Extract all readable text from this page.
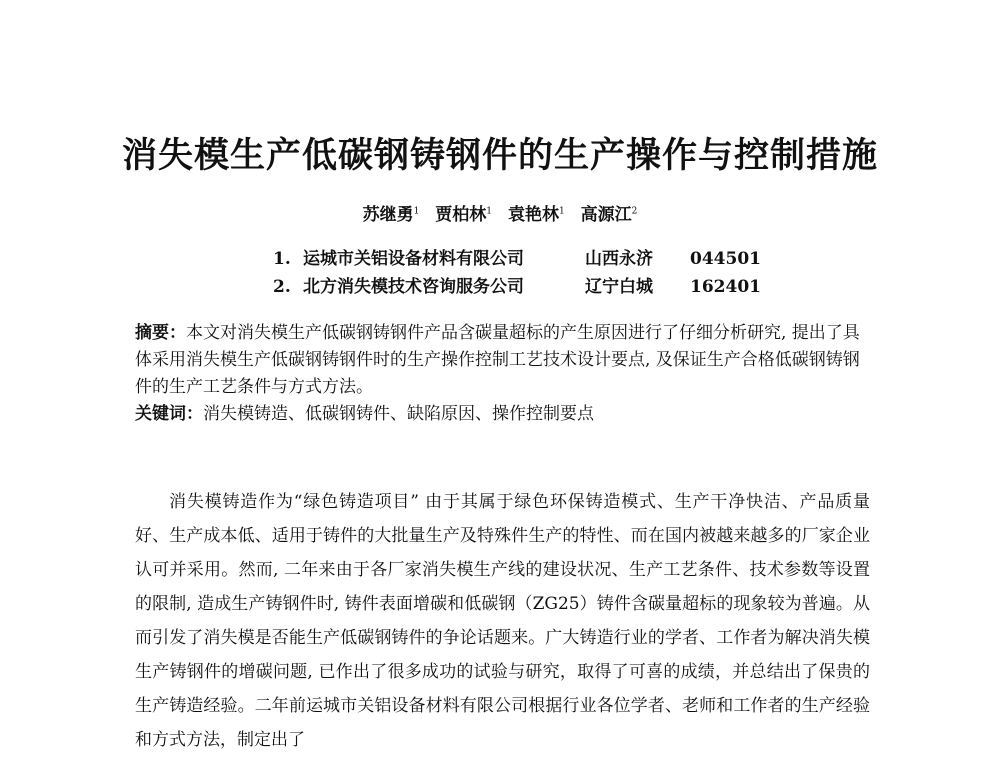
消失模生产低碳钢铸钢件的生产操作与控制措施
苏继勇$^1$ 贾柏林$^1$ 袁艳林$^1$ 高源江$^2$
1. 运城市关铝设备材料有限公司	山西永济 044501
2. 北方消失模技术咨询服务公司	辽宁白城 162401

摘要：本文对消失模生产低碳钢铸钢件产品含碳量超标的产生原因进行了仔细分析研究, 提出了具体采用消失模生产低碳钢铸钢件时的生产操作控制工艺技术设计要点, 及保证生产合格低碳钢铸钢件的生产工艺条件与方式方法。

关键词：消失模铸造、低碳钢铸件、缺陷原因、操作控制要点

消失模铸造作为“绿色铸造项目” 由于其属于绿色环保铸造模式、生产干净快洁、产品质量好、生产成本低、适用于铸件的大批量生产及特殊件生产的特性、而在国内被越来越多的厂家企业认可并采用。然而, 二年来由于各厂家消失模生产线的建设状况、生产工艺条件、技术参数等设置的限制, 造成生产铸钢件时, 铸件表面增碳和低碳钢（ZG25）铸件含碳量超标的现象较为普遍。从而引发了消失模是否能生产低碳钢铸件的争论话题来。广大铸造行业的学者、工作者为解决消失模生产铸钢件的增碳问题, 已作出了很多成功的试验与研究，取得了可喜的成绩，并总结出了保贵的生产铸造经验。二年前运城市关铝设备材料有限公司根据行业各位学者、老师和工作者的生产经验和方式方法，制定出了
